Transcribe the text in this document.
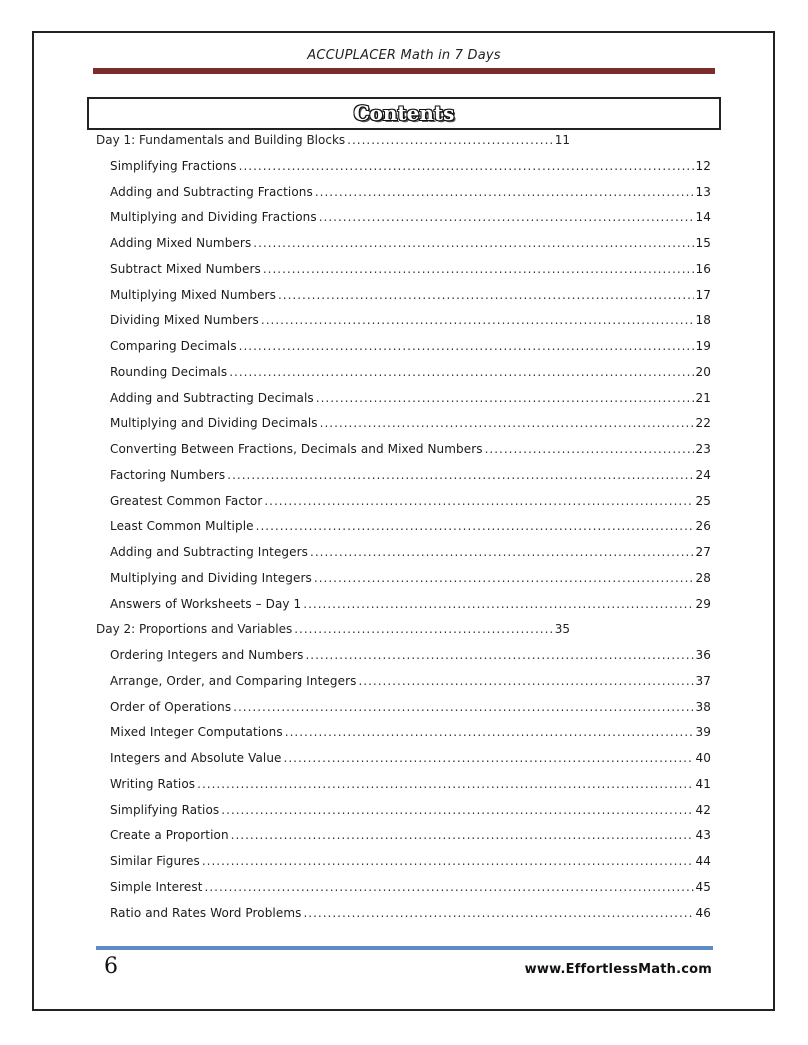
ACCUPLACER Math in 7 Days
Contents
Day 1: Fundamentals and Building Blocks .....	11
Simplifying Fractions .....	12
Adding and Subtracting Fractions .....	13
Multiplying and Dividing Fractions .....	14
Adding Mixed Numbers .....	15
Subtract Mixed Numbers .....	16
Multiplying Mixed Numbers .....	17
Dividing Mixed Numbers .....	18
Comparing Decimals .....	19
Rounding Decimals .....	20
Adding and Subtracting Decimals .....	21
Multiplying and Dividing Decimals .....	22
Converting Between Fractions, Decimals and Mixed Numbers .....	23
Factoring Numbers .....	24
Greatest Common Factor .....	25
Least Common Multiple .....	26
Adding and Subtracting Integers .....	27
Multiplying and Dividing Integers .....	28
Answers of Worksheets – Day 1 .....	29
Day 2: Proportions and Variables .....	35
Ordering Integers and Numbers .....	36
Arrange, Order, and Comparing Integers .....	37
Order of Operations .....	38
Mixed Integer Computations .....	39
Integers and Absolute Value .....	40
Writing Ratios .....	41
Simplifying Ratios .....	42
Create a Proportion .....	43
Similar Figures .....	44
Simple Interest .....	45
Ratio and Rates Word Problems .....	46
6	www.EffortlessMath.com
